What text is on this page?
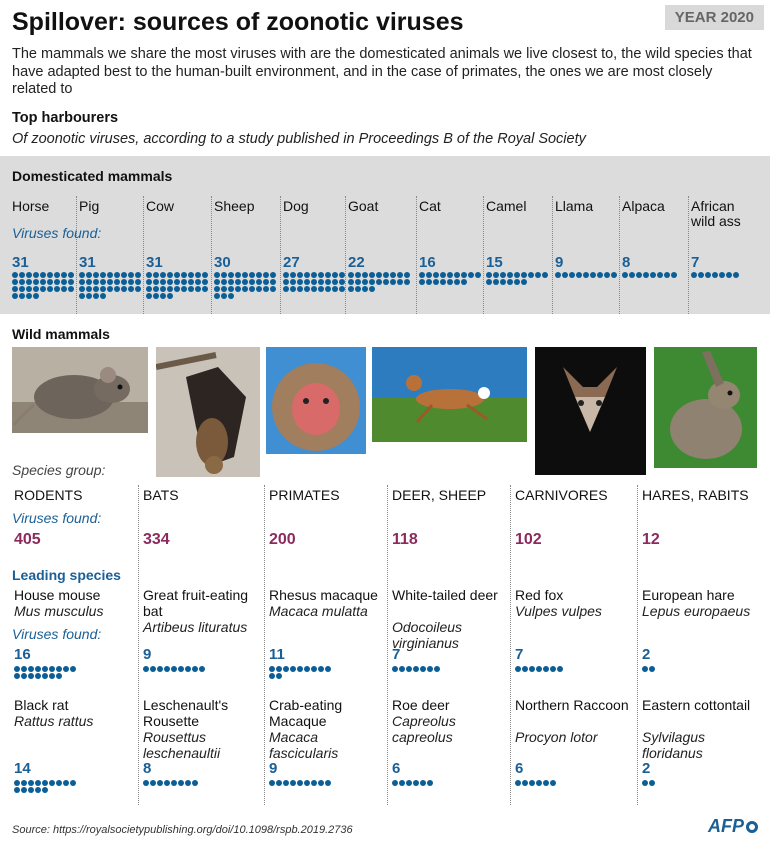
Spillover: sources of zoonotic viruses	YEAR 2020
The mammals we share the most viruses with are the domesticated animals we live closest to, the wild species that have adapted best to the human-built environment, and in the case of primates, the ones we are most closely related to
Top harbourers
Of zoonotic viruses, according to a study published in Proceedings B of the Royal Society
Domesticated mammals
Horse
31
Pig
31
Cow
31
Sheep
30
Dog
27
Goat
22
Cat
16
Camel
15
Llama
9
Alpaca
8
African
wild ass
7
Viruses found:
Wild mammals
Species group:
Viruses found:
Leading species
Viruses found:
RODENTS
405
House mouse
Mus musculus
16
Black rat
Rattus rattus
14
BATS
334
Great fruit-eating bat
Artibeus lituratus
9
Leschenault's Rousette
Rousettus leschenaultii
8
PRIMATES
200
Rhesus macaque
Macaca mulatta
11
Crab-eating Macaque
Macaca fascicularis
9
DEER, SHEEP
118
White-tailed deer
Odocoileus virginianus
7
Roe deer
Capreolus capreolus
6
CARNIVORES
102
Red fox
Vulpes vulpes
7
Northern Raccoon
Procyon lotor
6
HARES, RABITS
12
European hare
Lepus europaeus
2
Eastern cottontail
Sylvilagus floridanus
2
Source: https://royalsocietypublishing.org/doi/10.1098/rspb.2019.2736	AFP
